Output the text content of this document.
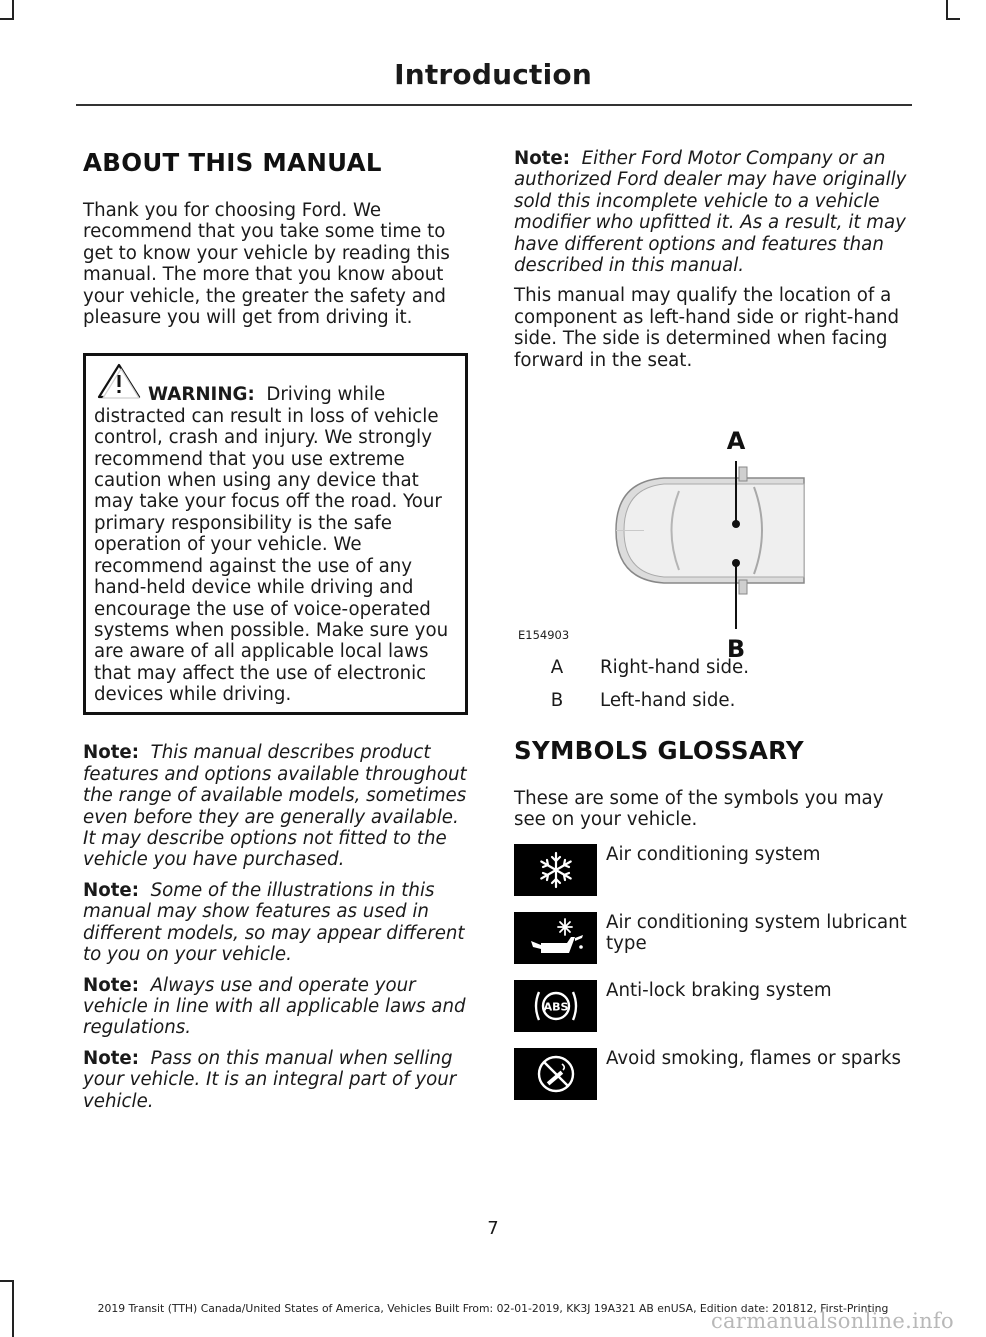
Introduction
ABOUT THIS MANUAL

Thank you for choosing Ford. We recommend that you take some time to get to know your vehicle by reading this manual. The more that you know about your vehicle, the greater the safety and pleasure you will get from driving it.

WARNING: Driving while distracted can result in loss of vehicle control, crash and injury. We strongly recommend that you use extreme caution when using any device that may take your focus off the road. Your primary responsibility is the safe operation of your vehicle. We recommend against the use of any hand-held device while driving and encourage the use of voice-operated systems when possible. Make sure you are aware of all applicable local laws that may affect the use of electronic devices while driving.

Note: This manual describes product features and options available throughout the range of available models, sometimes even before they are generally available. It may describe options not fitted to the vehicle you have purchased.

Note: Some of the illustrations in this manual may show features as used in different models, so may appear different to you on your vehicle.

Note: Always use and operate your vehicle in line with all applicable laws and regulations.

Note: Pass on this manual when selling your vehicle. It is an integral part of your vehicle.

Note: Either Ford Motor Company or an authorized Ford dealer may have originally sold this incomplete vehicle to a vehicle modifier who upfitted it. As a result, it may have different options and features than described in this manual.

This manual may qualify the location of a component as left-hand side or right-hand side. The side is determined when facing forward in the seat.

A
B
E154903
A	Right-hand side.
B	Left-hand side.
SYMBOLS GLOSSARY

These are some of the symbols you may see on your vehicle.

Air conditioning system
Air conditioning system lubricant type
ABS
Anti-lock braking system
Avoid smoking, flames or sparks
7
2019 Transit (TTH) Canada/United States of America, Vehicles Built From: 02-01-2019, KK3J 19A321 AB enUSA, Edition date: 201812, First-Printing
carmanualsonline.info
